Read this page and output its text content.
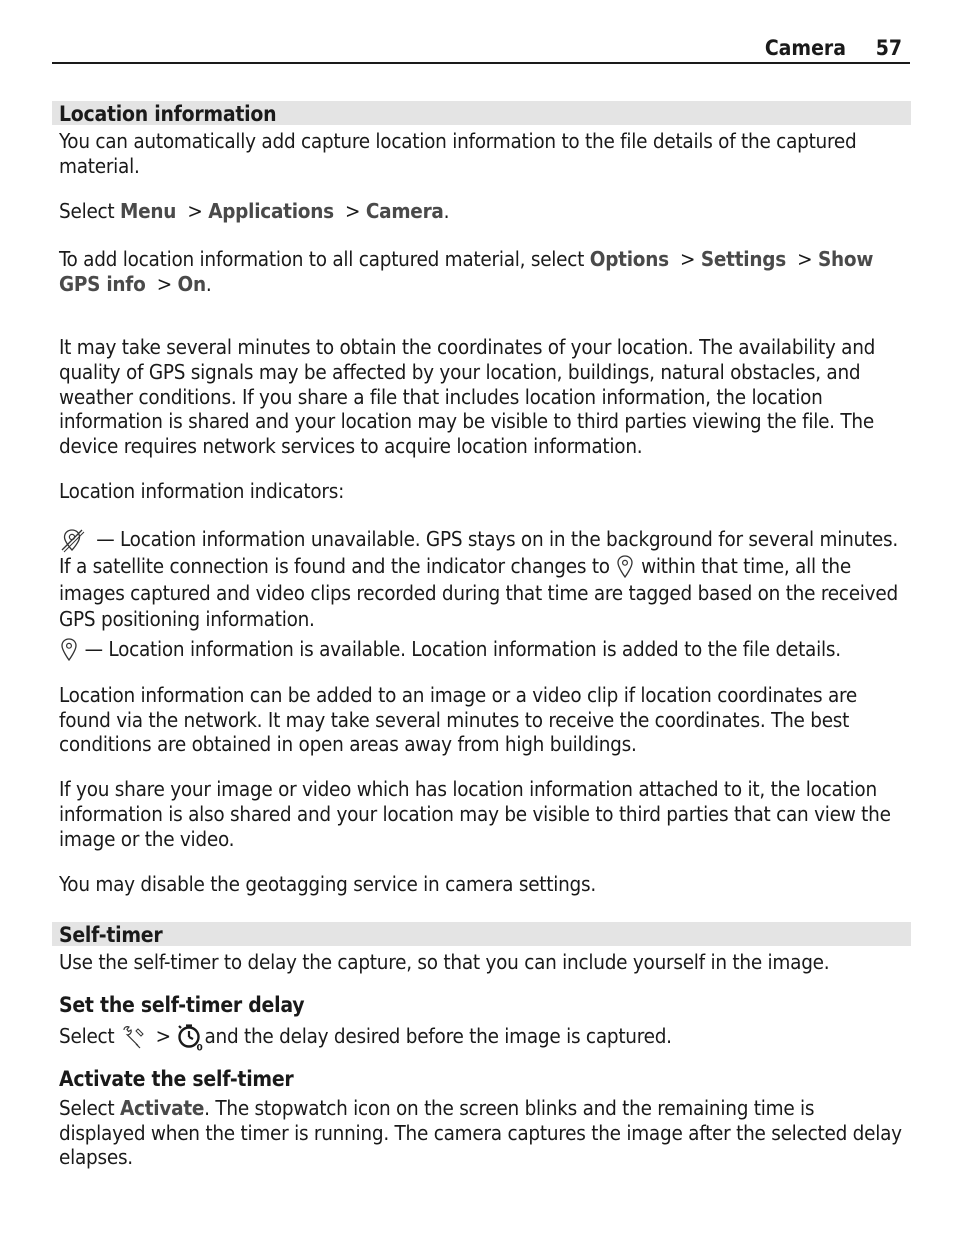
Camera 57
Location information

You can automatically add capture location information to the file details of the captured material.

Select Menu > Applications > Camera.

To add location information to all captured material, select Options > Settings > Show GPS info > On.

It may take several minutes to obtain the coordinates of your location. The availability and quality of GPS signals may be affected by your location, buildings, natural obstacles, and weather conditions. If you share a file that includes location information, the location information is shared and your location may be visible to third parties viewing the file. The device requires network services to acquire location information.

Location information indicators:

— Location information unavailable. GPS stays on in the background for several minutes. If a satellite connection is found and the indicator changes to within that time, all the images captured and video clips recorded during that time are tagged based on the received GPS positioning information.

— Location information is available. Location information is added to the file details.

Location information can be added to an image or a video clip if location coordinates are found via the network. It may take several minutes to receive the coordinates. The best conditions are obtained in open areas away from high buildings.

If you share your image or video which has location information attached to it, the location information is also shared and your location may be visible to third parties that can view the image or the video.

You may disable the geotagging service in camera settings.

Self-timer

Use the self-timer to delay the capture, so that you can include yourself in the image.

Set the self-timer delay

Select >
0
and the delay desired before the image is captured.

Activate the self-timer

Select Activate. The stopwatch icon on the screen blinks and the remaining time is displayed when the timer is running. The camera captures the image after the selected delay elapses.
